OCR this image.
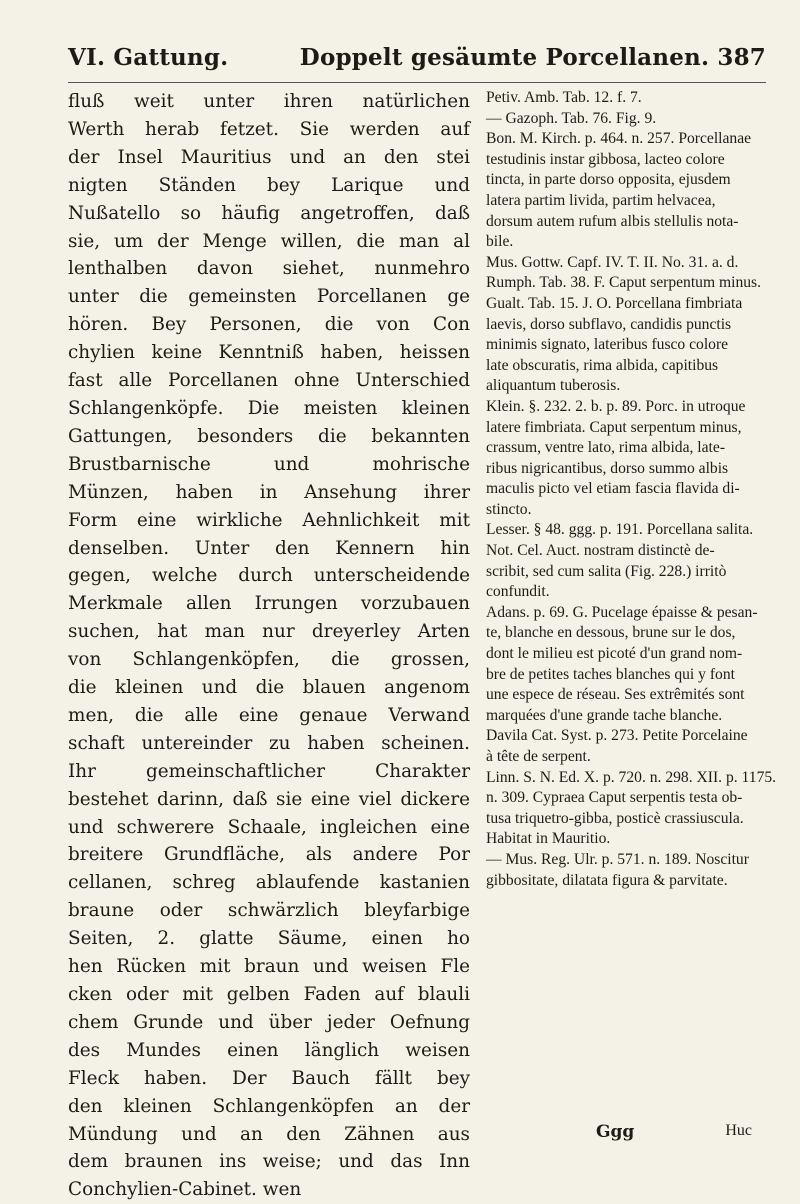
VI. Gattung.	Doppelt gesäumte Porcellanen. 387
fluß weit unter ihren natürlichen
Werth herab fetzet. Sie werden auf
der Insel Mauritius und an den stei
nigten Ständen bey Larique und
Nußatello so häufig angetroffen, daß
sie, um der Menge willen, die man al
lenthalben davon siehet, nunmehro
unter die gemeinsten Porcellanen ge
hören. Bey Personen, die von Con
chylien keine Kenntniß haben, heissen
fast alle Porcellanen ohne Unterschied
Schlangenköpfe. Die meisten kleinen
Gattungen, besonders die bekannten
Brustbarnische und mohrische
Münzen, haben in Ansehung ihrer
Form eine wirkliche Aehnlichkeit mit
denselben. Unter den Kennern hin
gegen, welche durch unterscheidende
Merkmale allen Irrungen vorzubauen
suchen, hat man nur dreyerley Arten
von Schlangenköpfen, die grossen,
die kleinen und die blauen angenom
men, die alle eine genaue Verwand
schaft untereinder zu haben scheinen.
Ihr gemeinschaftlicher Charakter
bestehet darinn, daß sie eine viel dickere
und schwerere Schaale, ingleichen eine
breitere Grundfläche, als andere Por
cellanen, schreg ablaufende kastanien
braune oder schwärzlich bleyfarbige
Seiten, 2. glatte Säume, einen ho
hen Rücken mit braun und weisen Fle
cken oder mit gelben Faden auf blauli
chem Grunde und über jeder Oefnung
des Mundes einen länglich weisen
Fleck haben. Der Bauch fällt bey
den kleinen Schlangenköpfen an der
Mündung und an den Zähnen aus
dem braunen ins weise; und das Inn
Conchylien-Cabinet. wen
Petiv. Amb. Tab. 12. f. 7.
— Gazoph. Tab. 76. Fig. 9.
Bon. M. Kirch. p. 464. n. 257. Porcellanae
testudinis instar gibbosa, lacteo colore
tincta, in parte dorso opposita, ejusdem
latera partim livida, partim helvacea,
dorsum autem rufum albis stellulis nota-
bile.
Mus. Gottw. Capf. IV. T. II. No. 31. a. d.
Rumph. Tab. 38. F. Caput serpentum minus.
Gualt. Tab. 15. J. O. Porcellana fimbriata
laevis, dorso subflavo, candidis punctis
minimis signato, lateribus fusco colore
late obscuratis, rima albida, capitibus
aliquantum tuberosis.
Klein. §. 232. 2. b. p. 89. Porc. in utroque
latere fimbriata. Caput serpentum minus,
crassum, ventre lato, rima albida, late-
ribus nigricantibus, dorso summo albis
maculis picto vel etiam fascia flavida di-
stincto.
Lesser. § 48. ggg. p. 191. Porcellana salita.
Not. Cel. Auct. nostram distinctè de-
scribit, sed cum salita (Fig. 228.) irritò
confundit.
Adans. p. 69. G. Pucelage épaisse & pesan-
te, blanche en dessous, brune sur le dos,
dont le milieu est picoté d'un grand nom-
bre de petites taches blanches qui y font
une espece de réseau. Ses extrêmités sont
marquées d'une grande tache blanche.
Davila Cat. Syst. p. 273. Petite Porcelaine
à tête de serpent.
Linn. S. N. Ed. X. p. 720. n. 298. XII. p. 1175.
n. 309. Cypraea Caput serpentis testa ob-
tusa triquetro-gibba, posticè crassiuscula.
Habitat in Mauritio.
— Mus. Reg. Ulr. p. 571. n. 189. Noscitur
gibbositate, dilatata figura & parvitate.
Ggg	Huc
